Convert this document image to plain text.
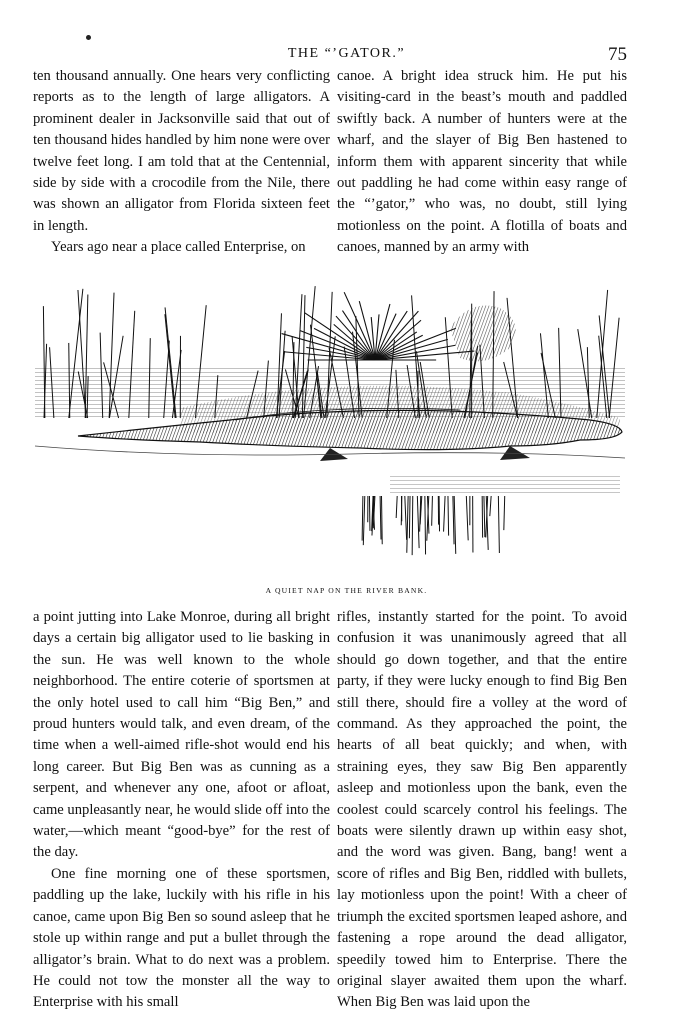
THE “’GATOR.”	75

ten thousand annually. One hears very conflicting reports as to the length of large alligators. A prominent dealer in Jacksonville said that out of ten thousand hides handled by him none were over twelve feet long. I am told that at the Centennial, side by side with a crocodile from the Nile, there was shown an alligator from Florida sixteen feet in length.

Years ago near a place called Enterprise, on

canoe. A bright idea struck him. He put his visiting-card in the beast’s mouth and paddled swiftly back. A number of hunters were at the wharf, and the slayer of Big Ben hastened to inform them with apparent sincerity that while out paddling he had come within easy range of the “’gator,” who was, no doubt, still lying motionless on the point. A flotilla of boats and canoes, manned by an army with

A QUIET NAP ON THE RIVER BANK.

a point jutting into Lake Monroe, during all bright days a certain big alligator used to lie basking in the sun. He was well known to the whole neighborhood. The entire coterie of sportsmen at the only hotel used to call him “Big Ben,” and proud hunters would talk, and even dream, of the time when a well-aimed rifle-shot would end his long career. But Big Ben was as cunning as a serpent, and whenever any one, afoot or afloat, came unpleasantly near, he would slide off into the water,—which meant “good-bye” for the rest of the day.

One fine morning one of these sportsmen, paddling up the lake, luckily with his rifle in his canoe, came upon Big Ben so sound asleep that he stole up within range and put a bullet through the alligator’s brain. What to do next was a problem. He could not tow the monster all the way to Enterprise with his small

rifles, instantly started for the point. To avoid confusion it was unanimously agreed that all should go down together, and that the entire party, if they were lucky enough to find Big Ben still there, should fire a volley at the word of command. As they approached the point, the hearts of all beat quickly; and when, with straining eyes, they saw Big Ben apparently asleep and motionless upon the bank, even the coolest could scarcely control his feelings. The boats were silently drawn up within easy shot, and the word was given. Bang, bang! went a score of rifles and Big Ben, riddled with bullets, lay motionless upon the point! With a cheer of triumph the excited sportsmen leaped ashore, and fastening a rope around the dead alligator, speedily towed him to Enterprise. There the original slayer awaited them upon the wharf. When Big Ben was laid upon the
